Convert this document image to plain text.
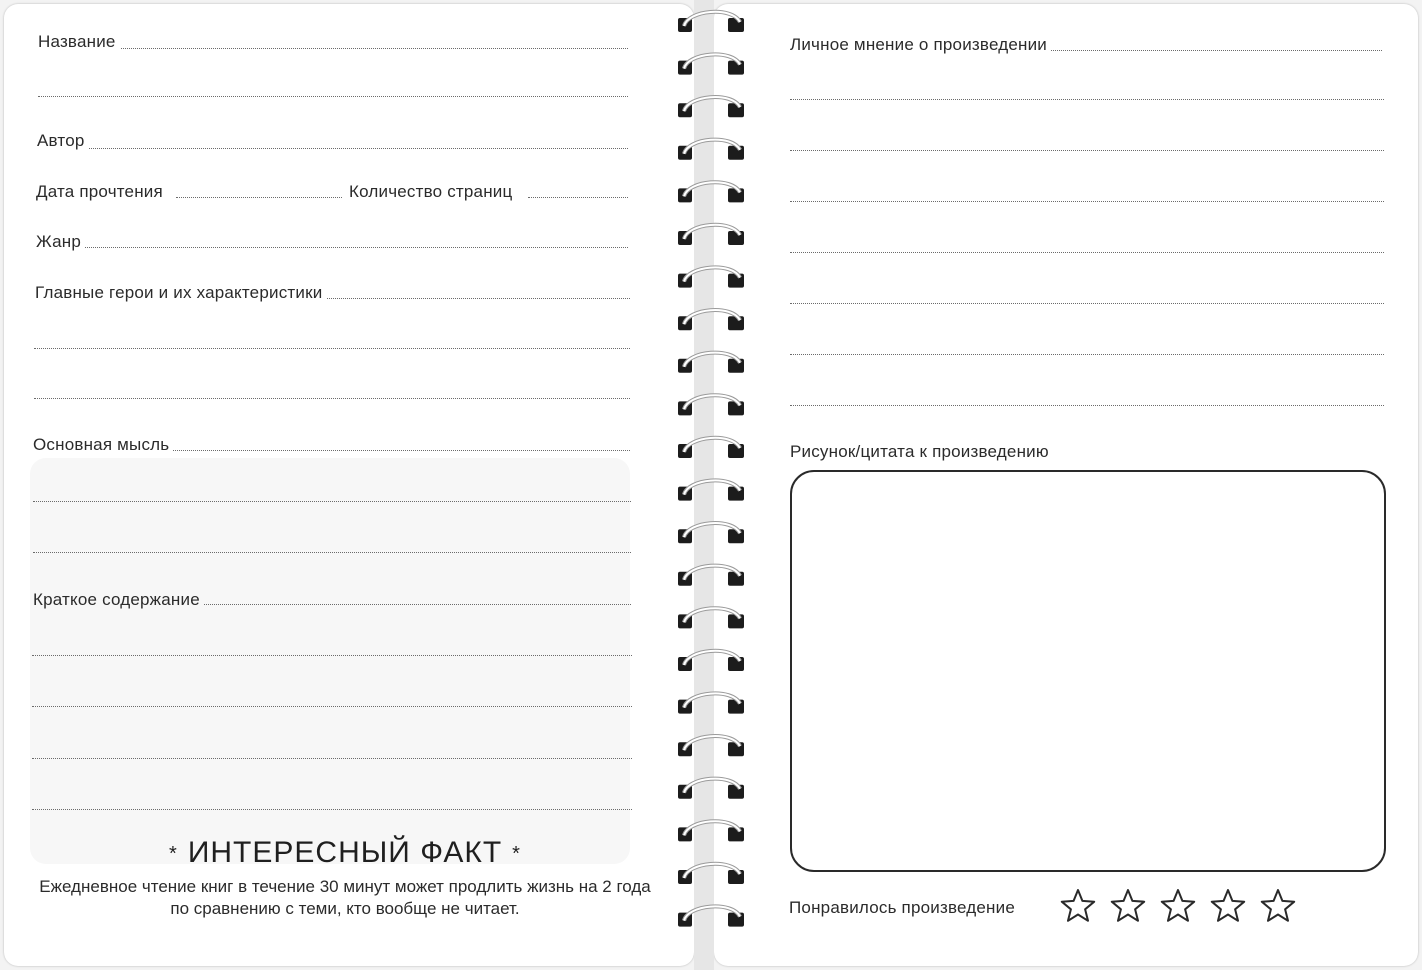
Название
Автор
Дата прочтения	Количество страниц
Жанр
Главные герои и их характеристики
Основная мысль
Краткое содержание
* ИНТЕРЕСНЫЙ ФАКТ *
Ежедневное чтение книг в течение 30 минут может продлить жизнь на 2 года по сравнению с теми, кто вообще не читает.
Личное мнение о произведении
Рисунок/цитата к произведению
Понравилось произведение
